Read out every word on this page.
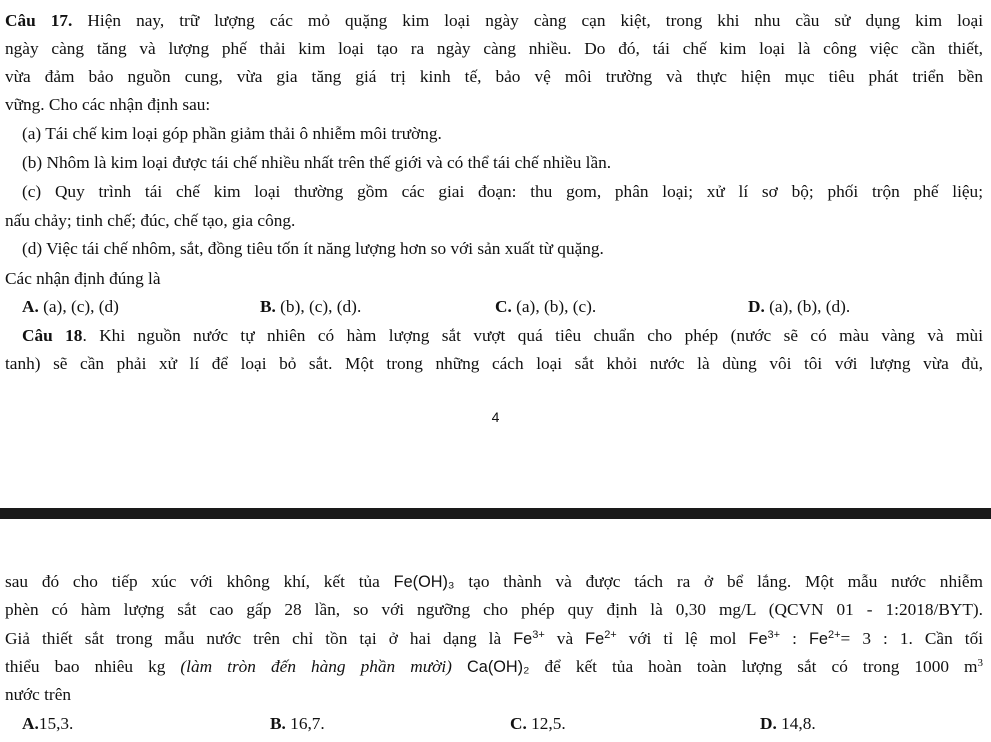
Câu 17. Hiện nay, trữ lượng các mỏ quặng kim loại ngày càng cạn kiệt, trong khi nhu cầu sử dụng kim loại
ngày càng tăng và lượng phế thải kim loại tạo ra ngày càng nhiều. Do đó, tái chế kim loại là công việc cần thiết,
vừa đảm bảo nguồn cung, vừa gia tăng giá trị kinh tế, bảo vệ môi trường và thực hiện mục tiêu phát triển bền
vững. Cho các nhận định sau:
(a) Tái chế kim loại góp phần giảm thải ô nhiễm môi trường.
(b) Nhôm là kim loại được tái chế nhiều nhất trên thế giới và có thể tái chế nhiều lần.
(c) Quy trình tái chế kim loại thường gồm các giai đoạn: thu gom, phân loại; xử lí sơ bộ; phối trộn phế liệu;
nấu chảy; tinh chế; đúc, chế tạo, gia công.
(d) Việc tái chế nhôm, sắt, đồng tiêu tốn ít năng lượng hơn so với sản xuất từ quặng.
Các nhận định đúng là
A. (a), (c), (d)	B. (b), (c), (d).	C. (a), (b), (c).	D. (a), (b), (d).
Câu 18. Khi nguồn nước tự nhiên có hàm lượng sắt vượt quá tiêu chuẩn cho phép (nước sẽ có màu vàng và mùi
tanh) sẽ cần phải xử lí để loại bỏ sắt. Một trong những cách loại sắt khỏi nước là dùng vôi tôi với lượng vừa đủ,
4
sau đó cho tiếp xúc với không khí, kết tủa Fe(OH)₃ tạo thành và được tách ra ở bể lắng. Một mẫu nước nhiễm
phèn có hàm lượng sắt cao gấp 28 lần, so với ngưỡng cho phép quy định là 0,30 mg/L (QCVN 01 - 1:2018/BYT).
Giả thiết sắt trong mẫu nước trên chỉ tồn tại ở hai dạng là $Fe^{3+}$ và $Fe^{2+}$ với tỉ lệ mol $Fe^{3+}$ : $Fe^{2+}= 3$ : 1. Cần tối
thiểu bao nhiêu kg (làm tròn đến hàng phần mười) Ca(OH)₂ để kết tủa hoàn toàn lượng sắt có trong 1000 $m^3$
nước trên
A.15,3.	B. 16,7.	C. 12,5.	D. 14,8.
